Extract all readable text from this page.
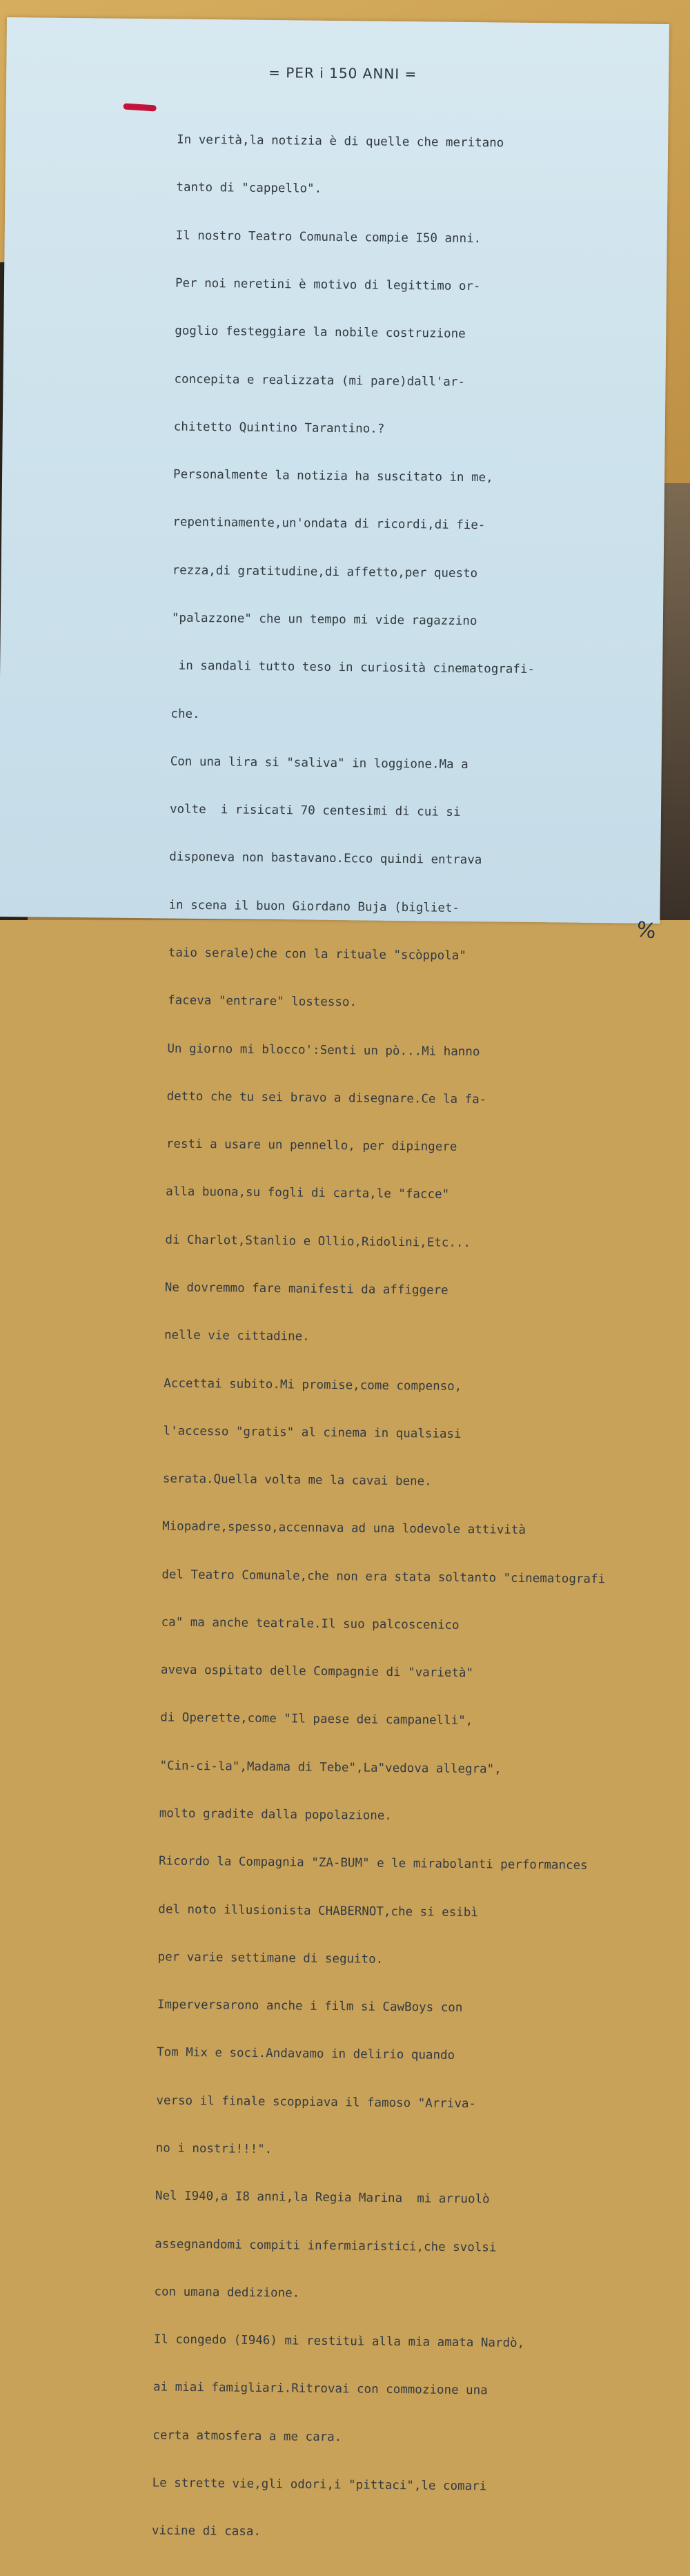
= PER i 150 ANNI =

In verità,la notizia è di quelle che meritano

tanto di "cappello".

Il nostro Teatro Comunale compie I50 anni.

Per noi neretini è motivo di legittimo or-

goglio festeggiare la nobile costruzione

concepita e realizzata (mi pare)dall'ar-

chitetto Quintino Tarantino.?

Personalmente la notizia ha suscitato in me,

repentinamente,un'ondata di ricordi,di fie-

rezza,di gratitudine,di affetto,per questo

"palazzone" che un tempo mi vide ragazzino

in sandali tutto teso in curiosità cinematografi-

che.

Con una lira si "saliva" in loggione.Ma a

volte  i risicati 70 centesimi di cui si

disponeva non bastavano.Ecco quindi entrava

in scena il buon Giordano Buja (bigliet-

taio serale)che con la rituale "scòppola"

faceva "entrare" lostesso.

Un giorno mi blocco':Senti un pò...Mi hanno

detto che tu sei bravo a disegnare.Ce la fa-

resti a usare un pennello, per dipingere

alla buona,su fogli di carta,le "facce"

di Charlot,Stanlio e Ollio,Ridolini,Etc...

Ne dovremmo fare manifesti da affiggere

nelle vie cittadine.

Accettai subito.Mi promise,come compenso,

l'accesso "gratis" al cinema in qualsiasi

serata.Quella volta me la cavai bene.

Miopadre,spesso,accennava ad una lodevole attività

del Teatro Comunale,che non era stata soltanto "cinematografi

ca" ma anche teatrale.Il suo palcoscenico

aveva ospitato delle Compagnie di "varietà"

di Operette,come "Il paese dei campanelli",

"Cin-ci-la",Madama di Tebe",La"vedova allegra",

molto gradite dalla popolazione.

Ricordo la Compagnia "ZA-BUM" e le mirabolanti performances

del noto illusionista CHABERNOT,che si esibì

per varie settimane di seguito.

Imperversarono anche i film si CawBoys con

Tom Mix e soci.Andavamo in delirio quando

verso il finale scoppiava il famoso "Arriva-

no i nostri!!!".

Nel I940,a I8 anni,la Regia Marina  mi arruolò

assegnandomi compiti infermiaristici,che svolsi

con umana dedizione.

Il congedo (I946) mi restituì alla mia amata Nardò,

ai miai famigliari.Ritrovai con commozione una

certa atmosfera a me cara.

Le strette vie,gli odori,i "pittaci",le comari

vicine di casa.

%
